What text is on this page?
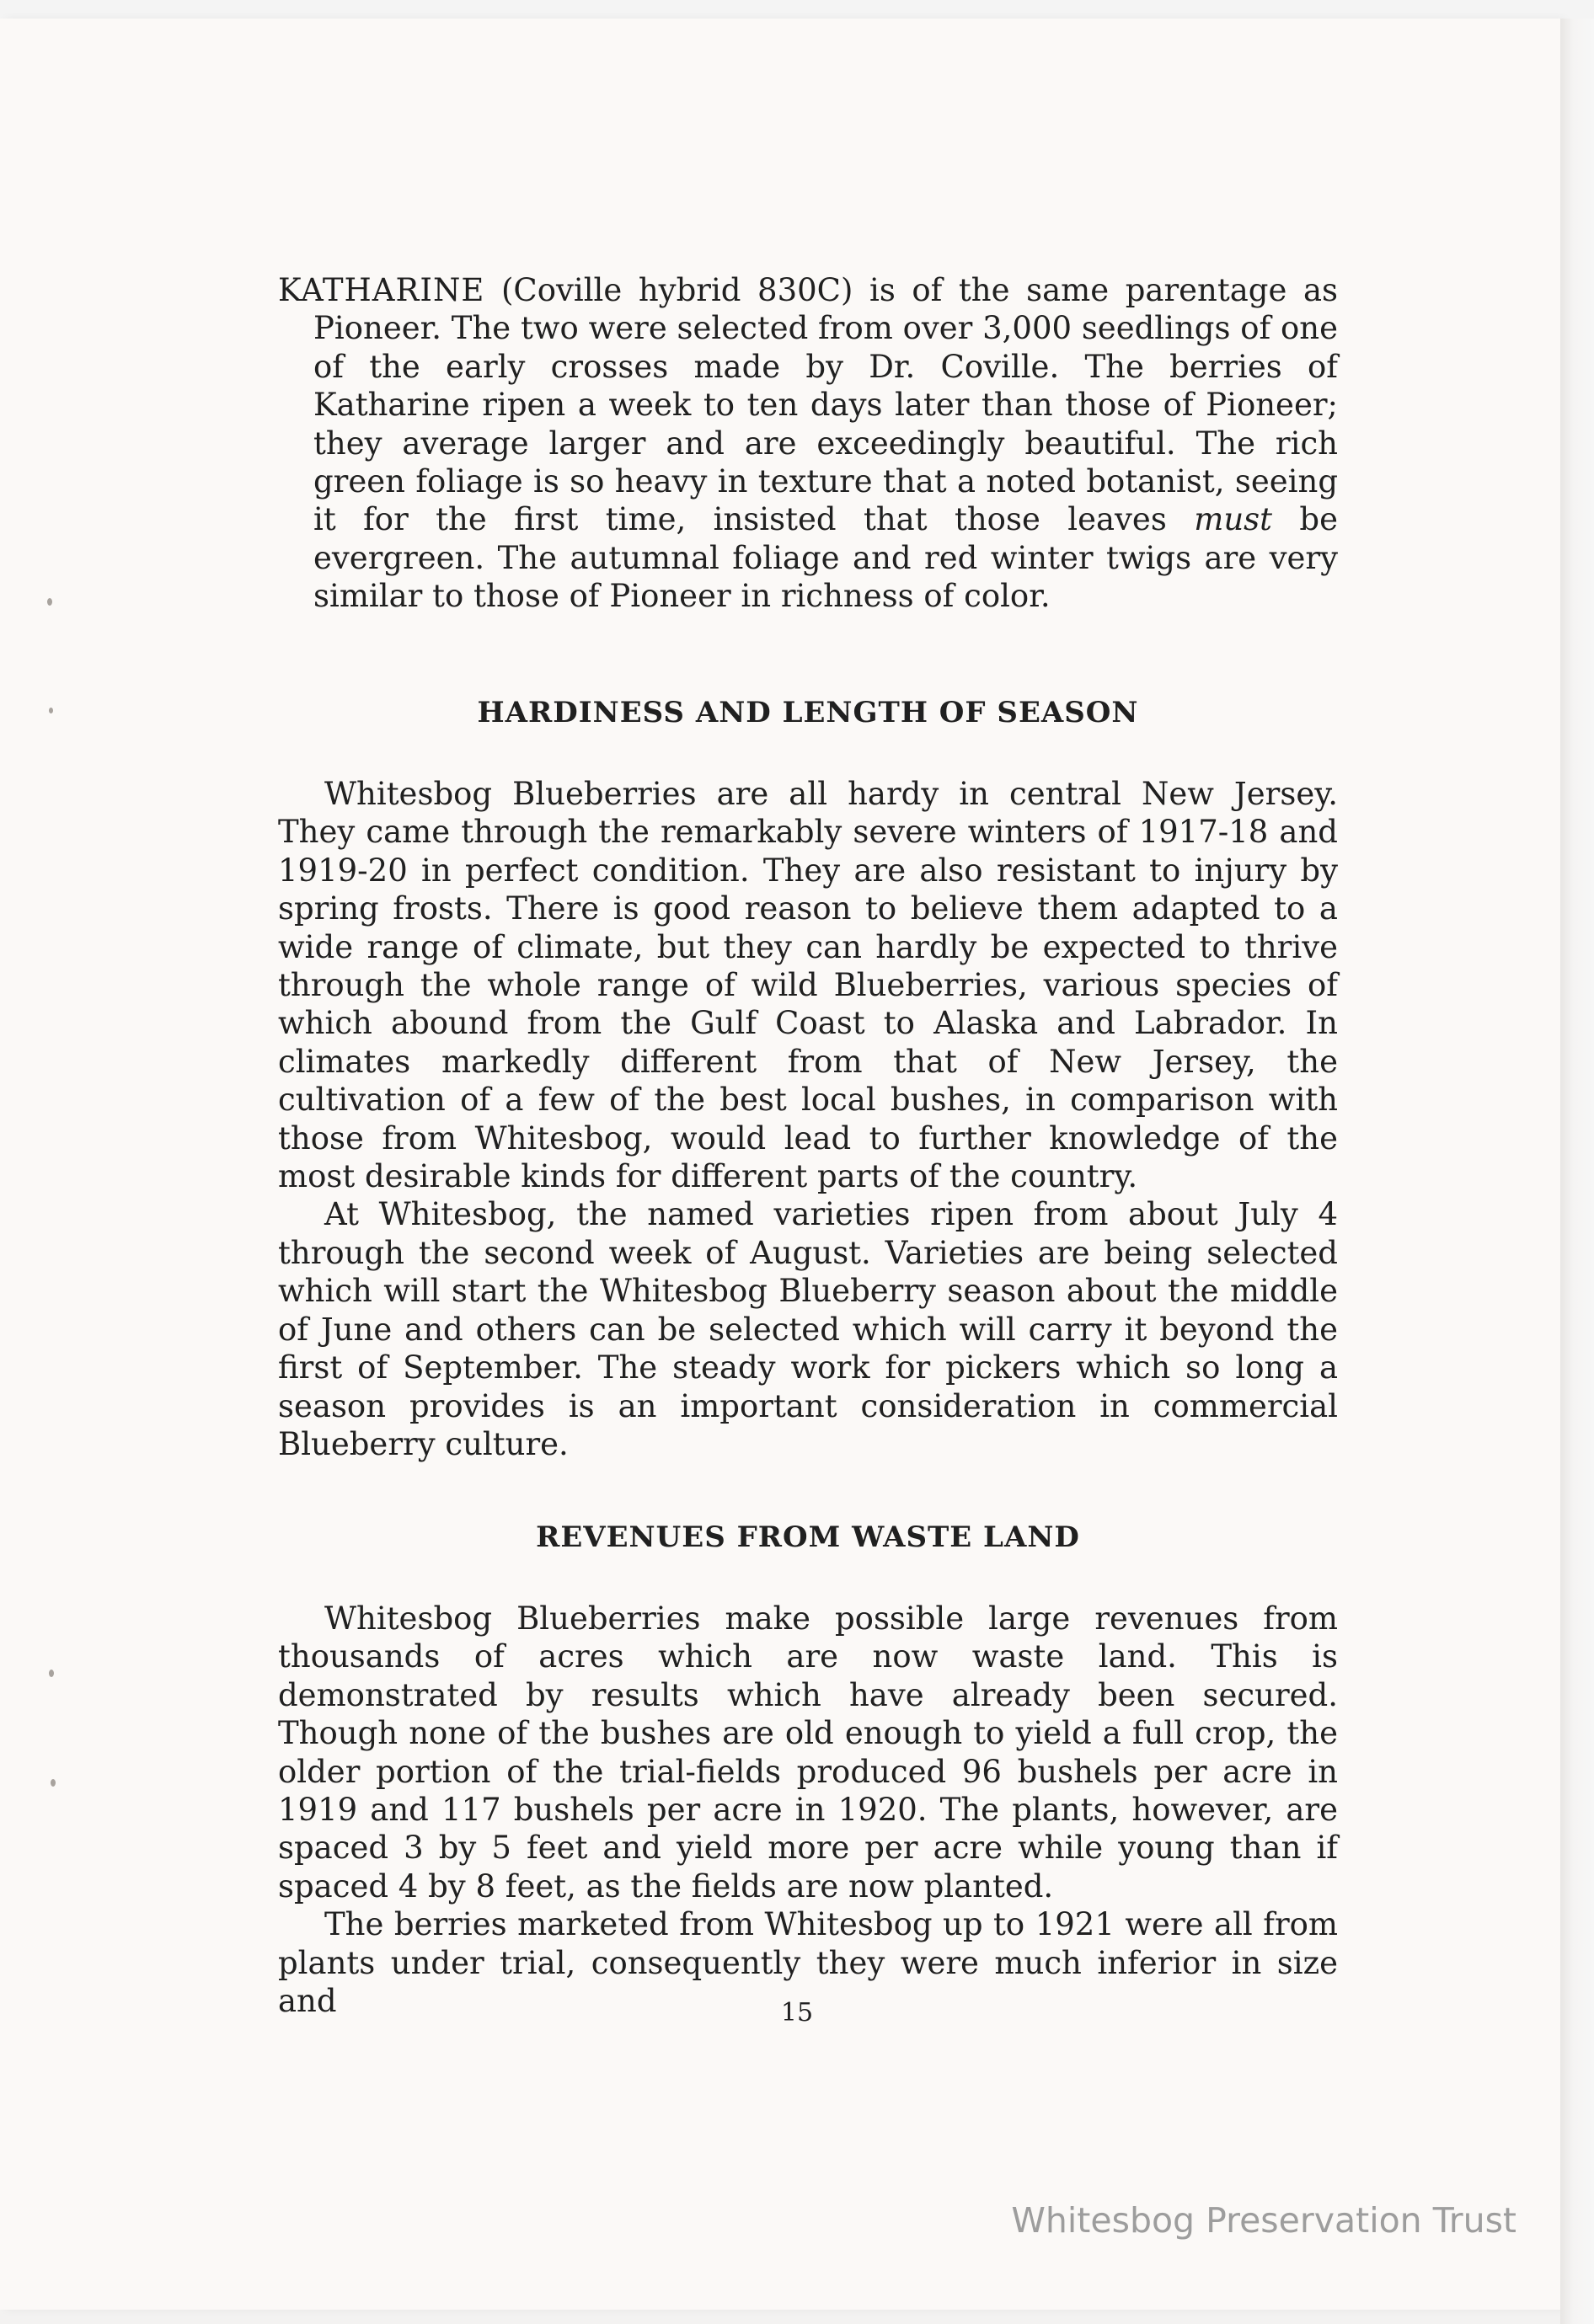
KATHARINE (Coville hybrid 830C) is of the same parentage as Pioneer. The two were selected from over 3,000 seedlings of one of the early crosses made by Dr. Coville. The berries of Katharine ripen a week to ten days later than those of Pioneer; they average larger and are exceedingly beautiful. The rich green foliage is so heavy in texture that a noted botanist, seeing it for the first time, insisted that those leaves must be evergreen. The autumnal foliage and red winter twigs are very similar to those of Pioneer in richness of color.

HARDINESS AND LENGTH OF SEASON

Whitesbog Blueberries are all hardy in central New Jersey. They came through the remarkably severe winters of 1917-18 and 1919-20 in perfect condition. They are also resistant to injury by spring frosts. There is good reason to believe them adapted to a wide range of climate, but they can hardly be expected to thrive through the whole range of wild Blueberries, various species of which abound from the Gulf Coast to Alaska and Labrador. In climates markedly different from that of New Jersey, the cultivation of a few of the best local bushes, in comparison with those from Whitesbog, would lead to further knowledge of the most desirable kinds for different parts of the country.

At Whitesbog, the named varieties ripen from about July 4 through the second week of August. Varieties are being selected which will start the Whitesbog Blueberry season about the middle of June and others can be selected which will carry it beyond the first of September. The steady work for pickers which so long a season provides is an important consideration in commercial Blueberry culture.

REVENUES FROM WASTE LAND

Whitesbog Blueberries make possible large revenues from thousands of acres which are now waste land. This is demonstrated by results which have already been secured. Though none of the bushes are old enough to yield a full crop, the older portion of the trial-fields produced 96 bushels per acre in 1919 and 117 bushels per acre in 1920. The plants, however, are spaced 3 by 5 feet and yield more per acre while young than if spaced 4 by 8 feet, as the fields are now planted.

The berries marketed from Whitesbog up to 1921 were all from plants under trial, consequently they were much inferior in size and	15

Whitesbog Preservation Trust
